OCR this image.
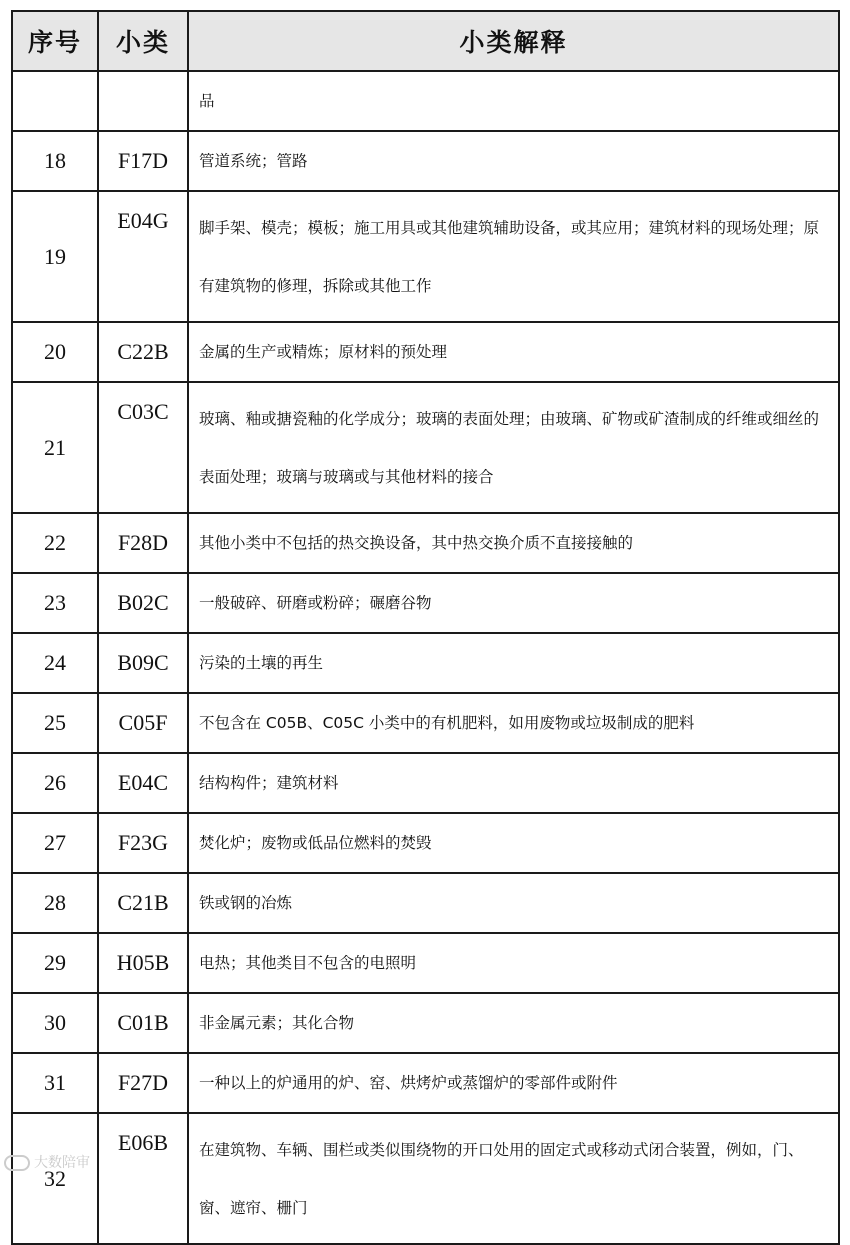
序号	小类	小类解释
		品
18	F17D	管道系统；管路
19	E04G	脚手架、模壳；模板；施工用具或其他建筑辅助设备，或其应用；建筑材料的现场处理；原有建筑物的修理，拆除或其他工作
20	C22B	金属的生产或精炼；原材料的预处理
21	C03C	玻璃、釉或搪瓷釉的化学成分；玻璃的表面处理；由玻璃、矿物或矿渣制成的纤维或细丝的表面处理；玻璃与玻璃或与其他材料的接合
22	F28D	其他小类中不包括的热交换设备，其中热交换介质不直接接触的
23	B02C	一般破碎、研磨或粉碎；碾磨谷物
24	B09C	污染的土壤的再生
25	C05F	不包含在 C05B、C05C 小类中的有机肥料，如用废物或垃圾制成的肥料
26	E04C	结构构件；建筑材料
27	F23G	焚化炉；废物或低品位燃料的焚毁
28	C21B	铁或钢的冶炼
29	H05B	电热；其他类目不包含的电照明
30	C01B	非金属元素；其化合物
31	F27D	一种以上的炉通用的炉、窑、烘烤炉或蒸馏炉的零部件或附件
32	E06B	在建筑物、车辆、围栏或类似围绕物的开口处用的固定式或移动式闭合装置，例如，门、窗、遮帘、栅门
大数陪审
